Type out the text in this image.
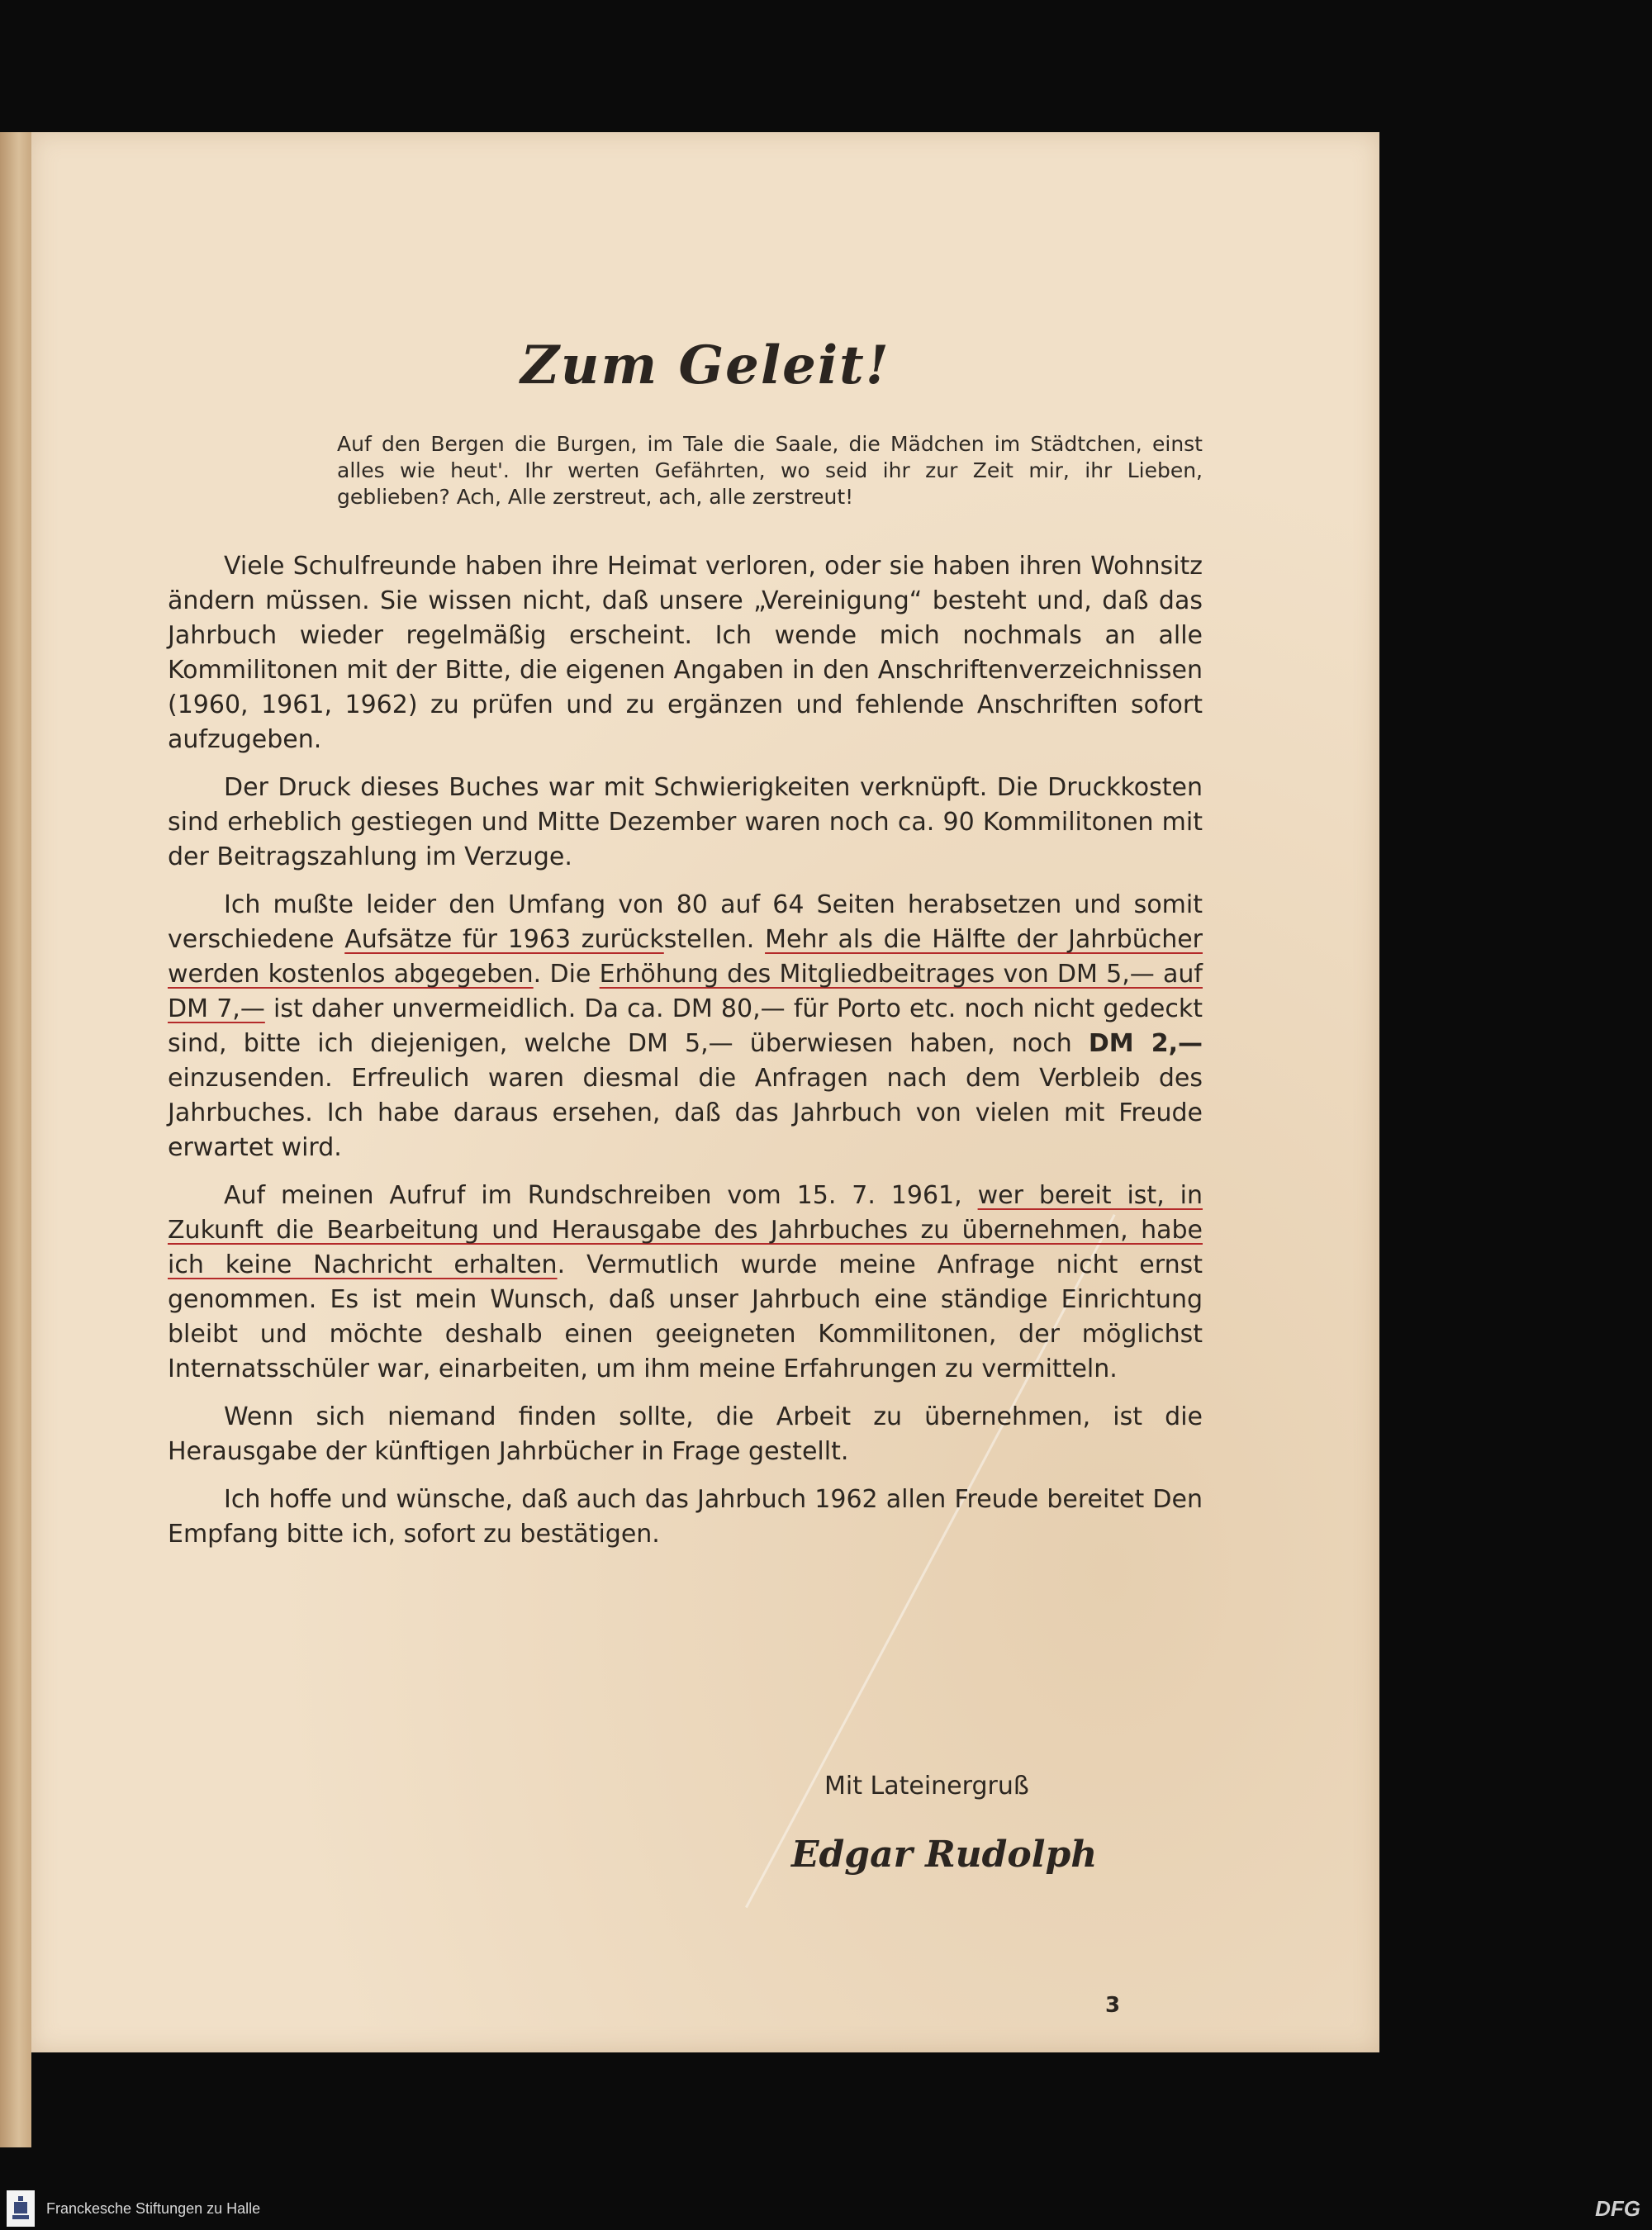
Zum Geleit!
Auf den Bergen die Burgen, im Tale die Saale, die Mädchen im Städtchen, einst alles wie heut'. Ihr werten Gefährten, wo seid ihr zur Zeit mir, ihr Lieben, geblieben? Ach, Alle zerstreut, ach, alle zerstreut!

Viele Schulfreunde haben ihre Heimat verloren, oder sie haben ihren Wohnsitz ändern müssen. Sie wissen nicht, daß unsere „Vereinigung“ besteht und, daß das Jahrbuch wieder regelmäßig erscheint. Ich wende mich nochmals an alle Kommilitonen mit der Bitte, die eigenen Angaben in den Anschriftenverzeichnissen (1960, 1961, 1962) zu prüfen und zu ergänzen und fehlende Anschriften sofort aufzugeben.

Der Druck dieses Buches war mit Schwierigkeiten verknüpft. Die Druckkosten sind erheblich gestiegen und Mitte Dezember waren noch ca. 90 Kommilitonen mit der Beitragszahlung im Verzuge.

Ich mußte leider den Umfang von 80 auf 64 Seiten herabsetzen und somit verschiedene Aufsätze für 1963 zurückstellen. Mehr als die Hälfte der Jahrbücher werden kostenlos abgegeben. Die Erhöhung des Mitgliedbeitrages von DM 5,— auf DM 7,— ist daher unvermeidlich. Da ca. DM 80,— für Porto etc. noch nicht gedeckt sind, bitte ich diejenigen, welche DM 5,— überwiesen haben, noch DM 2,— einzusenden. Erfreulich waren diesmal die Anfragen nach dem Verbleib des Jahrbuches. Ich habe daraus ersehen, daß das Jahrbuch von vielen mit Freude erwartet wird.

Auf meinen Aufruf im Rundschreiben vom 15. 7. 1961, wer bereit ist, in Zukunft die Bearbeitung und Herausgabe des Jahrbuches zu übernehmen, habe ich keine Nachricht erhalten. Vermutlich wurde meine Anfrage nicht ernst genommen. Es ist mein Wunsch, daß unser Jahrbuch eine ständige Einrichtung bleibt und möchte deshalb einen geeigneten Kommilitonen, der möglichst Internatsschüler war, einarbeiten, um ihm meine Erfahrungen zu vermitteln.

Wenn sich niemand finden sollte, die Arbeit zu übernehmen, ist die Herausgabe der künftigen Jahrbücher in Frage gestellt.

Ich hoffe und wünsche, daß auch das Jahrbuch 1962 allen Freude bereitet Den Empfang bitte ich, sofort zu bestätigen.

Mit Lateinergruß
Edgar Rudolph
3
Franckesche Stiftungen zu Halle	DFG
